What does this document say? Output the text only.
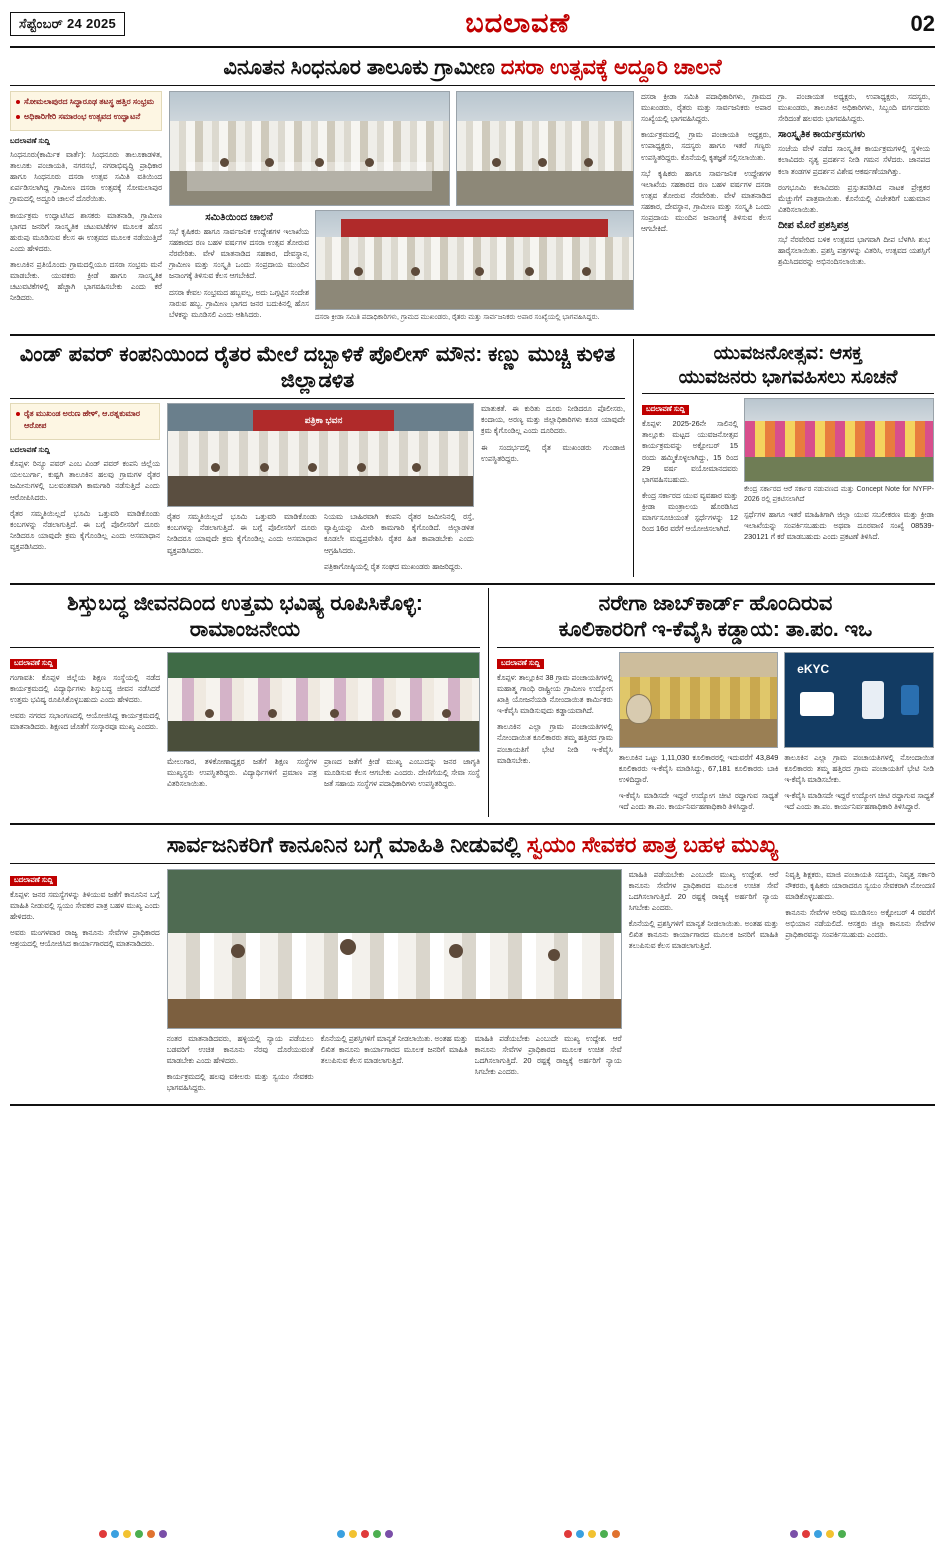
ಸೆಪ್ಟೆಂಬರ್ 24 2025	ಬದಲಾವಣೆ	02
ವಿನೂತನ ಸಿಂಧನೂರ ತಾಲೂಕು ಗ್ರಾಮೀಣ ದಸರಾ ಉತ್ಸವಕ್ಕೆ ಅದ್ದೂರಿ ಚಾಲನೆ
ಸೋಮಲಾಪುರದ ಸಿದ್ಧಾರೂಢ ತಟಸ್ಥ ಹತ್ತಿರ ಸಂಭ್ರಮ
ಅಧಿಕಾರಿಗೇರಿ ಸಮಾರಂಭ ಉತ್ಸವದ ಉದ್ಘಾಟನೆ
ಬದಲಾವಣೆ ಸುದ್ದಿ

ಸಿಂಧನೂರು(ಕಾರ್ಮಿಕ ವಾರ್ತೆ): ಸಿಂಧನೂರು ತಾಲೂಕಾಡಳಿತ, ತಾಲೂಕು ಪಂಚಾಯತಿ, ನಗರಸಭೆ, ನಗರಾಭಿವೃದ್ಧಿ ಪ್ರಾಧಿಕಾರ ಹಾಗೂ ಸಿಂಧನೂರು ದಸರಾ ಉತ್ಸವ ಸಮಿತಿ ವತಿಯಿಂದ ಏರ್ಪಡಿಸಲಾಗಿದ್ದ ಗ್ರಾಮೀಣ ದಸರಾ ಉತ್ಸವಕ್ಕೆ ಸೋಮಲಾಪುರ ಗ್ರಾಮದಲ್ಲಿ ಅದ್ದೂರಿ ಚಾಲನೆ ದೊರೆಯಿತು.

ಕಾರ್ಯಕ್ರಮ ಉದ್ಘಾಟಿಸಿದ ಶಾಸಕರು ಮಾತನಾಡಿ, ಗ್ರಾಮೀಣ ಭಾಗದ ಜನರಿಗೆ ಸಾಂಸ್ಕೃತಿಕ ಚಟುವಟಿಕೆಗಳ ಮೂಲಕ ಹೊಸ ಹುರುಪು ಮೂಡಿಸುವ ಕೆಲಸ ಈ ಉತ್ಸವದ ಮೂಲಕ ನಡೆಯುತ್ತಿದೆ ಎಂದು ಹೇಳಿದರು.

ತಾಲೂಕಿನ ಪ್ರತಿಯೊಂದು ಗ್ರಾಮದಲ್ಲಿಯೂ ದಸರಾ ಸಂಭ್ರಮ ಮನೆ ಮಾಡಬೇಕು. ಯುವಕರು ಕ್ರೀಡೆ ಹಾಗೂ ಸಾಂಸ್ಕೃತಿಕ ಚಟುವಟಿಕೆಗಳಲ್ಲಿ ಹೆಚ್ಚಾಗಿ ಭಾಗವಹಿಸಬೇಕು ಎಂದು ಕರೆ ನೀಡಿದರು.

ಸಮಿತಿಯಿಂದ ಚಾಲನೆ

ಸಭೆ ಕೃಷಿಕರು ಹಾಗೂ ಸಾರ್ವಜನಿಕ ಉದ್ದೇಶಗಳ ಇಲಾಖೆಯ ಸಹಕಾರದ ರಣ ಬಹಳ ವರ್ಷಗಳ ದಸರಾ ಉತ್ಸವ ತೋರುವ ನೆರವೇರಿತು. ವೇಳೆ ಮಾತನಾಡಿದ ಸಹಕಾರ, ದೇವಸ್ಥಾನ, ಗ್ರಾಮೀಣ ಮತ್ತು ಸಂಸ್ಕೃತಿ ಒಂದು ಸಂಪ್ರದಾಯ ಮುಂದಿನ ಜನಾಂಗಕ್ಕೆ ತಿಳಿಸುವ ಕೆಲಸ ಆಗಬೇಕಿದೆ.

ದಸರಾ ಕೇವಲ ಸಂಭ್ರಮದ ಹಬ್ಬವಲ್ಲ, ಅದು ಒಗ್ಗಟ್ಟಿನ ಸಂದೇಶ ಸಾರುವ ಹಬ್ಬ. ಗ್ರಾಮೀಣ ಭಾಗದ ಜನರ ಬದುಕಿನಲ್ಲಿ ಹೊಸ ಬೆಳಕನ್ನು ಮೂಡಿಸಲಿ ಎಂದು ಆಶಿಸಿದರು.	ದಸರಾ ಕ್ರೀಡಾ ಸಮಿತಿ ಪದಾಧಿಕಾರಿಗಳು, ಗ್ರಾಮದ ಮುಖಂಡರು, ರೈತರು ಮತ್ತು ಸಾರ್ವಜನಿಕರು ಅಪಾರ ಸಂಖ್ಯೆಯಲ್ಲಿ ಭಾಗವಹಿಸಿದ್ದರು.

ದಸರಾ ಕ್ರೀಡಾ ಸಮಿತಿ ಪದಾಧಿಕಾರಿಗಳು, ಗ್ರಾಮದ ಮುಖಂಡರು, ರೈತರು ಮತ್ತು ಸಾರ್ವಜನಿಕರು ಅಪಾರ ಸಂಖ್ಯೆಯಲ್ಲಿ ಭಾಗವಹಿಸಿದ್ದರು.

ಕಾರ್ಯಕ್ರಮದಲ್ಲಿ ಗ್ರಾಮ ಪಂಚಾಯತಿ ಅಧ್ಯಕ್ಷರು, ಉಪಾಧ್ಯಕ್ಷರು, ಸದಸ್ಯರು ಹಾಗೂ ಇತರೆ ಗಣ್ಯರು ಉಪಸ್ಥಿತರಿದ್ದರು. ಕೊನೆಯಲ್ಲಿ ಕೃತಜ್ಞತೆ ಸಲ್ಲಿಸಲಾಯಿತು.

ಸಭೆ ಕೃಷಿಕರು ಹಾಗೂ ಸಾರ್ವಜನಿಕ ಉದ್ದೇಶಗಳ ಇಲಾಖೆಯ ಸಹಕಾರದ ರಣ ಬಹಳ ವರ್ಷಗಳ ದಸರಾ ಉತ್ಸವ ತೋರುವ ನೆರವೇರಿತು. ವೇಳೆ ಮಾತನಾಡಿದ ಸಹಕಾರ, ದೇವಸ್ಥಾನ, ಗ್ರಾಮೀಣ ಮತ್ತು ಸಂಸ್ಕೃತಿ ಒಂದು ಸಂಪ್ರದಾಯ ಮುಂದಿನ ಜನಾಂಗಕ್ಕೆ ತಿಳಿಸುವ ಕೆಲಸ ಆಗಬೇಕಿದೆ.

ಗ್ರಾ. ಪಂಚಾಯತ ಅಧ್ಯಕ್ಷರು, ಉಪಾಧ್ಯಕ್ಷರು, ಸದಸ್ಯರು, ಮುಖಂಡರು, ತಾಲೂಕಿನ ಅಧಿಕಾರಿಗಳು, ಸಿಬ್ಬಂದಿ ವರ್ಗದವರು ಸೇರಿದಂತೆ ಹಲವರು ಭಾಗವಹಿಸಿದ್ದರು.

ಸಾಂಸ್ಕೃತಿಕ ಕಾರ್ಯಕ್ರಮಗಳು

ಸಂಜೆಯ ವೇಳೆ ನಡೆದ ಸಾಂಸ್ಕೃತಿಕ ಕಾರ್ಯಕ್ರಮಗಳಲ್ಲಿ ಸ್ಥಳೀಯ ಕಲಾವಿದರು ನೃತ್ಯ ಪ್ರದರ್ಶನ ನೀಡಿ ಗಮನ ಸೆಳೆದರು. ಜಾನಪದ ಕಲಾ ತಂಡಗಳ ಪ್ರದರ್ಶನ ವಿಶೇಷ ಆಕರ್ಷಣೆಯಾಗಿತ್ತು.

ರಂಗಭೂಮಿ ಕಲಾವಿದರು ಪ್ರಸ್ತುತಪಡಿಸಿದ ನಾಟಕ ಪ್ರೇಕ್ಷಕರ ಮೆಚ್ಚುಗೆಗೆ ಪಾತ್ರವಾಯಿತು. ಕೊನೆಯಲ್ಲಿ ವಿಜೇತರಿಗೆ ಬಹುಮಾನ ವಿತರಿಸಲಾಯಿತು.

ದೀಪ ಮೊರೆ ಪ್ರಶಸ್ತಿಪತ್ರ

ಸಭೆ ನೆರವೇರಿದ ಬಳಿಕ ಉತ್ಸವದ ಭಾಗವಾಗಿ ದೀಪ ಬೆಳಗಿಸಿ ಶುಭ ಹಾರೈಸಲಾಯಿತು. ಪ್ರಶಸ್ತಿ ಪತ್ರಗಳನ್ನು ವಿತರಿಸಿ, ಉತ್ಸವದ ಯಶಸ್ಸಿಗೆ ಶ್ರಮಿಸಿದವರನ್ನು ಅಭಿನಂದಿಸಲಾಯಿತು.

ವಿಂಡ್ ಪವರ್ ಕಂಪನಿಯಿಂದ ರೈತರ ಮೇಲೆ ದಬ್ಬಾಳಿಕೆ ಪೊಲೀಸ್ ಮೌನ: ಕಣ್ಣು ಮುಚ್ಚಿ ಕುಳಿತ ಜಿಲ್ಲಾಡಳಿತ
ರೈತ ಮುಖಂಡ ಅರುಣ ಹೇಳ್, ಆ.ರತ್ನಕುಮಾರ ಆರೋಪ
ಬದಲಾವಣೆ ಸುದ್ದಿ

ಕೊಪ್ಪಳ: ರಿನ್ಯೂ ಪವರ್ ಎಂಬ ವಿಂಡ್ ಪವರ್ ಕಂಪನಿ ಜಿಲ್ಲೆಯ ಯಲಬುರ್ಗಾ, ಕುಷ್ಟಗಿ ತಾಲೂಕಿನ ಹಲವು ಗ್ರಾಮಗಳ ರೈತರ ಜಮೀನುಗಳಲ್ಲಿ ಬಲವಂತವಾಗಿ ಕಾಮಗಾರಿ ನಡೆಸುತ್ತಿದೆ ಎಂದು ಆರೋಪಿಸಿದರು.

ರೈತರ ಸಮ್ಮತಿಯಿಲ್ಲದೆ ಭೂಮಿ ಒತ್ತುವರಿ ಮಾಡಿಕೊಂಡು ಕಂಬಗಳನ್ನು ನೆಡಲಾಗುತ್ತಿದೆ. ಈ ಬಗ್ಗೆ ಪೊಲೀಸರಿಗೆ ದೂರು ನೀಡಿದರೂ ಯಾವುದೇ ಕ್ರಮ ಕೈಗೊಂಡಿಲ್ಲ ಎಂದು ಅಸಮಾಧಾನ ವ್ಯಕ್ತಪಡಿಸಿದರು.

ಪತ್ರಿಕಾ ಭವನ

ರೈತರ ಸಮ್ಮತಿಯಿಲ್ಲದೆ ಭೂಮಿ ಒತ್ತುವರಿ ಮಾಡಿಕೊಂಡು ಕಂಬಗಳನ್ನು ನೆಡಲಾಗುತ್ತಿದೆ. ಈ ಬಗ್ಗೆ ಪೊಲೀಸರಿಗೆ ದೂರು ನೀಡಿದರೂ ಯಾವುದೇ ಕ್ರಮ ಕೈಗೊಂಡಿಲ್ಲ ಎಂದು ಅಸಮಾಧಾನ ವ್ಯಕ್ತಪಡಿಸಿದರು.

ನಿಯಮ ಬಾಹಿರವಾಗಿ ಕಂಪನಿ ರೈತರ ಜಮೀನಿನಲ್ಲಿ ರಸ್ತೆ, ವ್ಯಾಪ್ತಿಯನ್ನು ಮೀರಿ ಕಾಮಗಾರಿ ಕೈಗೊಂಡಿದೆ. ಜಿಲ್ಲಾಡಳಿತ ಕೂಡಲೇ ಮಧ್ಯಪ್ರವೇಶಿಸಿ ರೈತರ ಹಿತ ಕಾಪಾಡಬೇಕು ಎಂದು ಆಗ್ರಹಿಸಿದರು.

ಪತ್ರಿಕಾಗೋಷ್ಠಿಯಲ್ಲಿ ರೈತ ಸಂಘದ ಮುಖಂಡರು ಹಾಜರಿದ್ದರು.

ಮಾತುಕತೆ. ಈ ಕುರಿತು ದೂರು ನೀಡಿದರೂ ಪೊಲೀಸರು, ಕಂದಾಯ, ಅರಣ್ಯ ಮತ್ತು ಜಿಲ್ಲಾಧಿಕಾರಿಗಳು ಕೂಡ ಯಾವುದೇ ಕ್ರಮ ಕೈಗೊಂಡಿಲ್ಲ ಎಂದು ದೂರಿದರು.

ಈ ಸಂದರ್ಭದಲ್ಲಿ ರೈತ ಮುಖಂಡರು ಗುಂಡಾಜಿ ಉಪಸ್ಥಿತರಿದ್ದರು.

ಯುವಜನೋತ್ಸವ: ಆಸಕ್ತ
ಯುವಜನರು ಭಾಗವಹಿಸಲು ಸೂಚನೆ
ಬದಲಾವಣೆ ಸುದ್ದಿ

ಕೊಪ್ಪಳ: 2025-26ನೇ ಸಾಲಿನಲ್ಲಿ ತಾಲ್ಲೂಕು ಮಟ್ಟದ ಯುವಜನೋತ್ಸವ ಕಾರ್ಯಕ್ರಮವನ್ನು ಅಕ್ಟೋಬರ್ 15 ರಂದು ಹಮ್ಮಿಕೊಳ್ಳಲಾಗಿದ್ದು, 15 ರಿಂದ 29 ವರ್ಷ ವಯೋಮಾನದವರು ಭಾಗವಹಿಸಬಹುದು.

ಕೇಂದ್ರ ಸರ್ಕಾರದ ಯುವ ವ್ಯವಹಾರ ಮತ್ತು ಕ್ರೀಡಾ ಮಂತ್ರಾಲಯ ಹೊರಡಿಸಿದ ಮಾರ್ಗಸೂಚಿಯಂತೆ ಸ್ಪರ್ಧೆಗಳನ್ನು 12 ರಿಂದ 16ರ ವರೆಗೆ ಆಯೋಜಿಸಲಾಗಿದೆ.

ಕೇಂದ್ರ ಸರ್ಕಾರದ ಆರೆ ಸರ್ಕಾರ ನಡುವಣದ ಮತ್ತು Concept Note for NYFP-2026 ರಲ್ಲಿ ಪ್ರಕಟಿಸಲಾಗಿದೆ

ಸ್ಪರ್ಧೆಗಳ ಹಾಗೂ ಇತರೆ ಮಾಹಿತಿಗಾಗಿ ಜಿಲ್ಲಾ ಯುವ ಸಬಲೀಕರಣ ಮತ್ತು ಕ್ರೀಡಾ ಇಲಾಖೆಯನ್ನು ಸಂಪರ್ಕಿಸಬಹುದು ಅಥವಾ ದೂರವಾಣಿ ಸಂಖ್ಯೆ 08539-230121 ಗೆ ಕರೆ ಮಾಡಬಹುದು ಎಂದು ಪ್ರಕಟಣೆ ತಿಳಿಸಿದೆ.

ಶಿಸ್ತುಬದ್ಧ ಜೀವನದಿಂದ ಉತ್ತಮ ಭವಿಷ್ಯ ರೂಪಿಸಿಕೊಳ್ಳಿ: ರಾಮಾಂಜನೇಯ
ಬದಲಾವಣೆ ಸುದ್ದಿ

ಗಂಗಾವತಿ: ಕೊಪ್ಪಳ ಜಿಲ್ಲೆಯ ಶಿಕ್ಷಣ ಸಂಸ್ಥೆಯಲ್ಲಿ ನಡೆದ ಕಾರ್ಯಕ್ರಮದಲ್ಲಿ ವಿದ್ಯಾರ್ಥಿಗಳು ಶಿಸ್ತುಬದ್ಧ ಜೀವನ ನಡೆಸಿದರೆ ಉತ್ತಮ ಭವಿಷ್ಯ ರೂಪಿಸಿಕೊಳ್ಳಬಹುದು ಎಂದು ಹೇಳಿದರು.

ಅವರು ನಗರದ ಸಭಾಂಗಣದಲ್ಲಿ ಆಯೋಜಿಸಿದ್ದ ಕಾರ್ಯಕ್ರಮದಲ್ಲಿ ಮಾತನಾಡಿದರು. ಶಿಕ್ಷಣದ ಜೊತೆಗೆ ಸಂಸ್ಕಾರವೂ ಮುಖ್ಯ ಎಂದರು.

ಮೇಲುಗಾರ, ತಳಿಕೋಣಾಧ್ಯಕ್ಷರ ಜತೆಗೆ ಶಿಕ್ಷಣ ಸಂಸ್ಥೆಗಳ ಮುಖ್ಯಸ್ಥರು ಉಪಸ್ಥಿತರಿದ್ದರು. ವಿದ್ಯಾರ್ಥಿಗಳಿಗೆ ಪ್ರಮಾಣ ಪತ್ರ ವಿತರಿಸಲಾಯಿತು.

ಪ್ರಾಣದ ಜತೆಗೆ ಕ್ರೀಡೆ ಮುಖ್ಯ ಎಂಬುದನ್ನು ಜನರ ಜಾಗೃತಿ ಮೂಡಿಸುವ ಕೆಲಸ ಆಗಬೇಕು ಎಂದರು. ದೇಣಿಗೆಯಲ್ಲಿ ಸೇವಾ ಸಂಸ್ಥೆ ಜತೆ ಸಹಾಯ ಸಂಸ್ಥೆಗಳ ಪದಾಧಿಕಾರಿಗಳು ಉಪಸ್ಥಿತರಿದ್ದರು.

ನರೇಗಾ ಜಾಬ್‌ಕಾರ್ಡ್ ಹೊಂದಿರುವ
ಕೂಲಿಕಾರರಿಗೆ ಇ-ಕೆವೈಸಿ ಕಡ್ಡಾಯ: ತಾ.ಪಂ. ಇಒ
ಬದಲಾವಣೆ ಸುದ್ದಿ

ಕೊಪ್ಪಳ: ತಾಲ್ಲೂಕಿನ 38 ಗ್ರಾಮ ಪಂಚಾಯತಿಗಳಲ್ಲಿ ಮಹಾತ್ಮ ಗಾಂಧಿ ರಾಷ್ಟ್ರೀಯ ಗ್ರಾಮೀಣ ಉದ್ಯೋಗ ಖಾತ್ರಿ ಯೋಜನೆಯಡಿ ನೋಂದಾಯಿತ ಕಾರ್ಮಿಕರು ಇ-ಕೆವೈಸಿ ಮಾಡಿಸುವುದು ಕಡ್ಡಾಯವಾಗಿದೆ.

ತಾಲೂಕಿನ ಎಲ್ಲಾ ಗ್ರಾಮ ಪಂಚಾಯತಿಗಳಲ್ಲಿ ನೋಂದಾಯಿತ ಕೂಲಿಕಾರರು ತಮ್ಮ ಹತ್ತಿರದ ಗ್ರಾಮ ಪಂಚಾಯತಿಗೆ ಭೇಟಿ ನೀಡಿ ಇ-ಕೆವೈಸಿ ಮಾಡಿಸಬೇಕು.	ತಾಲೂಕಿನ ಒಟ್ಟು 1,11,030 ಕೂಲಿಕಾರರಲ್ಲಿ ಇದುವರೆಗೆ 43,849 ಕೂಲಿಕಾರರು ಇ-ಕೆವೈಸಿ ಮಾಡಿಸಿದ್ದು, 67,181 ಕೂಲಿಕಾರರು ಬಾಕಿ ಉಳಿದಿದ್ದಾರೆ.

ಇ-ಕೆವೈಸಿ ಮಾಡಿಸದೇ ಇದ್ದರೆ ಉದ್ಯೋಗ ಚೀಟಿ ರದ್ದಾಗುವ ಸಾಧ್ಯತೆ ಇದೆ ಎಂದು ತಾ.ಪಂ. ಕಾರ್ಯನಿರ್ವಹಣಾಧಿಕಾರಿ ತಿಳಿಸಿದ್ದಾರೆ.

eKYC

ತಾಲೂಕಿನ ಎಲ್ಲಾ ಗ್ರಾಮ ಪಂಚಾಯತಿಗಳಲ್ಲಿ ನೋಂದಾಯಿತ ಕೂಲಿಕಾರರು ತಮ್ಮ ಹತ್ತಿರದ ಗ್ರಾಮ ಪಂಚಾಯತಿಗೆ ಭೇಟಿ ನೀಡಿ ಇ-ಕೆವೈಸಿ ಮಾಡಿಸಬೇಕು.

ಇ-ಕೆವೈಸಿ ಮಾಡಿಸದೇ ಇದ್ದರೆ ಉದ್ಯೋಗ ಚೀಟಿ ರದ್ದಾಗುವ ಸಾಧ್ಯತೆ ಇದೆ ಎಂದು ತಾ.ಪಂ. ಕಾರ್ಯನಿರ್ವಹಣಾಧಿಕಾರಿ ತಿಳಿಸಿದ್ದಾರೆ.

ಸಾರ್ವಜನಿಕರಿಗೆ ಕಾನೂನಿನ ಬಗ್ಗೆ ಮಾಹಿತಿ ನೀಡುವಲ್ಲಿ ಸ್ವಯಂ ಸೇವಕರ ಪಾತ್ರ ಬಹಳ ಮುಖ್ಯ
ಬದಲಾವಣೆ ಸುದ್ದಿ

ಕೊಪ್ಪಳ: ಜನರ ಸಮಸ್ಯೆಗಳನ್ನು ತಿಳಿಯುವ ಜತೆಗೆ ಕಾನೂನಿನ ಬಗ್ಗೆ ಮಾಹಿತಿ ನೀಡುವಲ್ಲಿ ಸ್ವಯಂ ಸೇವಕರ ಪಾತ್ರ ಬಹಳ ಮುಖ್ಯ ಎಂದು ಹೇಳಿದರು.

ಅವರು ಮಂಗಳವಾರ ರಾಜ್ಯ ಕಾನೂನು ಸೇವೆಗಳ ಪ್ರಾಧಿಕಾರದ ಆಶ್ರಯದಲ್ಲಿ ಆಯೋಜಿಸಿದ ಕಾರ್ಯಾಗಾರದಲ್ಲಿ ಮಾತನಾಡಿದರು.

ನಂತರ ಮಾತನಾಡಿದವರು, ಹಳ್ಳಿಯಲ್ಲಿ ನ್ಯಾಯ ಪಡೆಯಲು ಬಡವರಿಗೆ ಉಚಿತ ಕಾನೂನು ನೆರವು ದೊರೆಯುವಂತೆ ಮಾಡಬೇಕು ಎಂದು ಹೇಳಿದರು.

ಕಾರ್ಯಕ್ರಮದಲ್ಲಿ ಹಲವು ವಕೀಲರು ಮತ್ತು ಸ್ವಯಂ ಸೇವಕರು ಭಾಗವಹಿಸಿದ್ದರು.

ಕೊನೆಯಲ್ಲಿ ಪ್ರಶಸ್ತಿಗಳಿಗೆ ಮಾನ್ಯತೆ ನೀಡಲಾಯಿತು. ಅಂತಹ ಮತ್ತು ಲಿಖಿತ ಕಾನೂನು ಕಾರ್ಯಾಗಾರದ ಮೂಲಕ ಜನರಿಗೆ ಮಾಹಿತಿ ತಲುಪಿಸುವ ಕೆಲಸ ಮಾಡಲಾಗುತ್ತಿದೆ.

ಮಾಹಿತಿ ಪಡೆಯಬೇಕು ಎಂಬುದೇ ಮುಖ್ಯ ಉದ್ದೇಶ. ಆರೆ ಕಾನೂನು ಸೇವೆಗಳ ಪ್ರಾಧಿಕಾರದ ಮೂಲಕ ಉಚಿತ ಸೇವೆ ಒದಗಿಸಲಾಗುತ್ತಿದೆ. 20 ರಷ್ಟಕ್ಕೆ ರಾಜ್ಯಕ್ಕೆ ಅರ್ಹರಿಗೆ ನ್ಯಾಯ ಸಿಗಬೇಕು ಎಂದರು.

ಮಾಹಿತಿ ಪಡೆಯಬೇಕು ಎಂಬುದೇ ಮುಖ್ಯ ಉದ್ದೇಶ. ಆರೆ ಕಾನೂನು ಸೇವೆಗಳ ಪ್ರಾಧಿಕಾರದ ಮೂಲಕ ಉಚಿತ ಸೇವೆ ಒದಗಿಸಲಾಗುತ್ತಿದೆ. 20 ರಷ್ಟಕ್ಕೆ ರಾಜ್ಯಕ್ಕೆ ಅರ್ಹರಿಗೆ ನ್ಯಾಯ ಸಿಗಬೇಕು ಎಂದರು.

ಕೊನೆಯಲ್ಲಿ ಪ್ರಶಸ್ತಿಗಳಿಗೆ ಮಾನ್ಯತೆ ನೀಡಲಾಯಿತು. ಅಂತಹ ಮತ್ತು ಲಿಖಿತ ಕಾನೂನು ಕಾರ್ಯಾಗಾರದ ಮೂಲಕ ಜನರಿಗೆ ಮಾಹಿತಿ ತಲುಪಿಸುವ ಕೆಲಸ ಮಾಡಲಾಗುತ್ತಿದೆ.

ನಿವೃತ್ತಿ ಶಿಕ್ಷಕರು, ಮಾಜಿ ಪಂಚಾಯತಿ ಸದಸ್ಯರು, ನಿವೃತ್ತ ಸರ್ಕಾರಿ ನೌಕರರು, ಕೃಷಿಕರು ಯಾರಾದರೂ ಸ್ವಯಂ ಸೇವಕರಾಗಿ ನೋಂದಣಿ ಮಾಡಿಕೊಳ್ಳಬಹುದು.

ಕಾನೂನು ಸೇವೆಗಳ ಅರಿವು ಮೂಡಿಸಲು ಅಕ್ಟೋಬರ್ 4 ರವರೆಗೆ ಅಭಿಯಾನ ನಡೆಯಲಿದೆ. ಆಸಕ್ತರು ಜಿಲ್ಲಾ ಕಾನೂನು ಸೇವೆಗಳ ಪ್ರಾಧಿಕಾರವನ್ನು ಸಂಪರ್ಕಿಸಬಹುದು ಎಂದರು.
